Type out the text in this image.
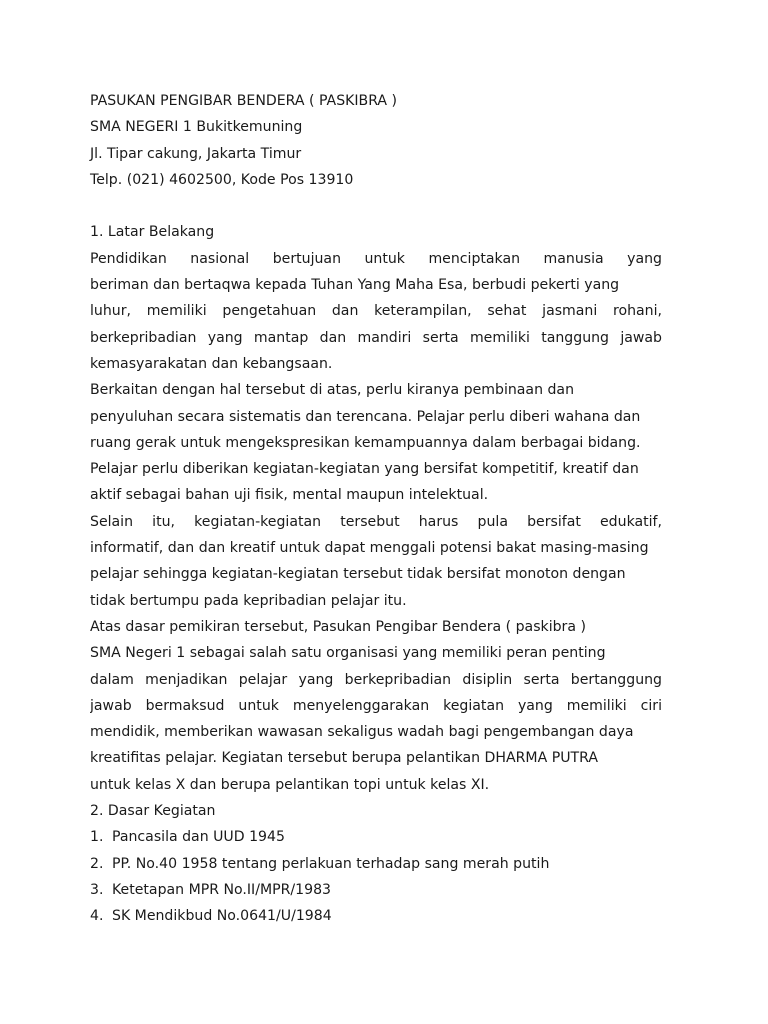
PASUKAN PENGIBAR BENDERA ( PASKIBRA )
SMA NEGERI 1 Bukitkemuning
Jl. Tipar cakung, Jakarta Timur
Telp. (021) 4602500, Kode Pos 13910
1. Latar Belakang
Pendidikan nasional bertujuan untuk menciptakan manusia yang
beriman dan bertaqwa kepada Tuhan Yang Maha Esa, berbudi pekerti yang
luhur, memiliki pengetahuan dan keterampilan, sehat jasmani rohani,
berkepribadian yang mantap dan mandiri serta memiliki tanggung jawab
kemasyarakatan dan kebangsaan.
Berkaitan dengan hal tersebut di atas, perlu kiranya pembinaan dan
penyuluhan secara sistematis dan terencana. Pelajar perlu diberi wahana dan
ruang gerak untuk mengekspresikan kemampuannya dalam berbagai bidang.
Pelajar perlu diberikan kegiatan-kegiatan yang bersifat kompetitif, kreatif dan
aktif sebagai bahan uji fisik, mental maupun intelektual.
Selain itu, kegiatan-kegiatan tersebut harus pula bersifat edukatif,
informatif, dan dan kreatif untuk dapat menggali potensi bakat masing-masing
pelajar sehingga kegiatan-kegiatan tersebut tidak bersifat monoton dengan
tidak bertumpu pada kepribadian pelajar itu.
Atas dasar pemikiran tersebut, Pasukan Pengibar Bendera ( paskibra )
SMA Negeri 1 sebagai salah satu organisasi yang memiliki peran penting
dalam menjadikan pelajar yang berkepribadian disiplin serta bertanggung
jawab bermaksud untuk menyelenggarakan kegiatan yang memiliki ciri
mendidik, memberikan wawasan sekaligus wadah bagi pengembangan daya
kreatifitas pelajar. Kegiatan tersebut berupa pelantikan DHARMA PUTRA
untuk kelas X dan berupa pelantikan topi untuk kelas XI.
2. Dasar Kegiatan
1. Pancasila dan UUD 1945
2. PP. No.40 1958 tentang perlakuan terhadap sang merah putih
3. Ketetapan MPR No.II/MPR/1983
4. SK Mendikbud No.0641/U/1984
